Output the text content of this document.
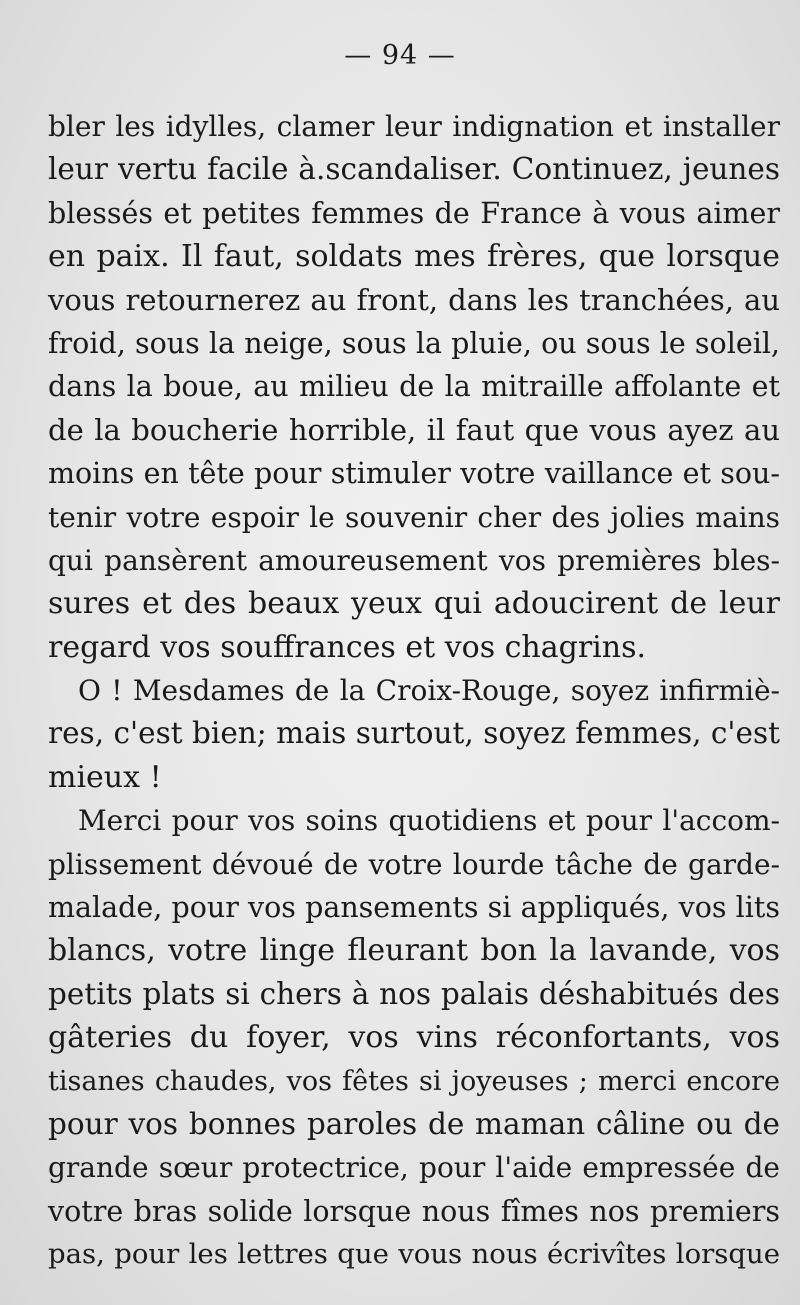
— 94 —
bler les idylles, clamer leur indignation et installer
leur vertu facile à.scandaliser. Continuez, jeunes
blessés et petites femmes de France à vous aimer
en paix. Il faut, soldats mes frères, que lorsque
vous retournerez au front, dans les tranchées, au
froid, sous la neige, sous la pluie, ou sous le soleil,
dans la boue, au milieu de la mitraille affolante et
de la boucherie horrible, il faut que vous ayez au
moins en tête pour stimuler votre vaillance et sou-
tenir votre espoir le souvenir cher des jolies mains
qui pansèrent amoureusement vos premières bles-
sures et des beaux yeux qui adoucirent de leur
regard vos souffrances et vos chagrins.
O ! Mesdames de la Croix-Rouge, soyez infirmiè-
res, c'est bien; mais surtout, soyez femmes, c'est
mieux !
Merci pour vos soins quotidiens et pour l'accom-
plissement dévoué de votre lourde tâche de garde-
malade, pour vos pansements si appliqués, vos lits
blancs, votre linge fleurant bon la lavande, vos
petits plats si chers à nos palais déshabitués des
gâteries du foyer, vos vins réconfortants, vos
tisanes chaudes, vos fêtes si joyeuses ; merci encore
pour vos bonnes paroles de maman câline ou de
grande sœur protectrice, pour l'aide empressée de
votre bras solide lorsque nous fîmes nos premiers
pas, pour les lettres que vous nous écrivîtes lorsque
